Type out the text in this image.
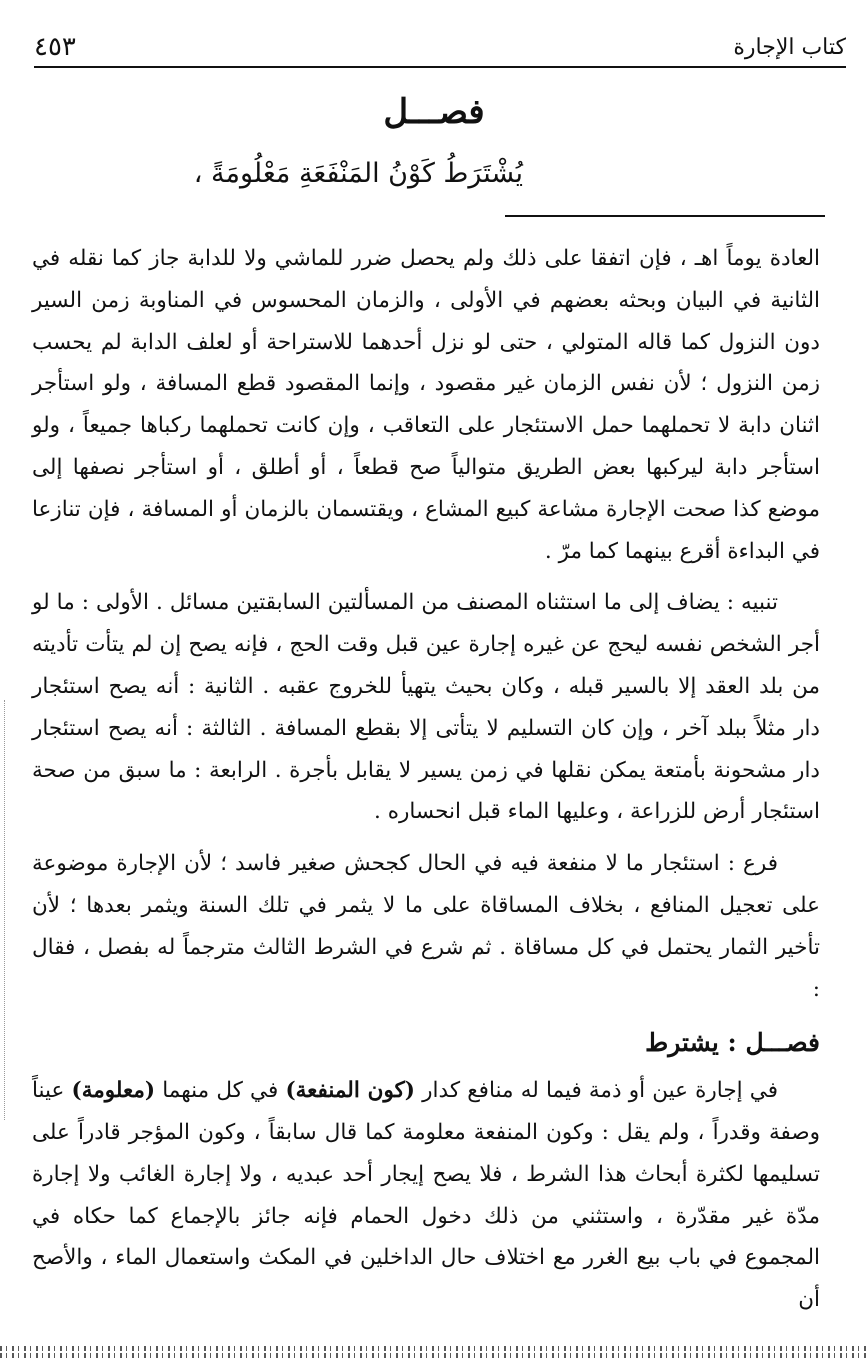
كتاب الإجارة
٤٥٣
فصـــل
يُشْتَرَطُ كَوْنُ المَنْفَعَةِ مَعْلُومَةً ،

العادة يوماً اهـ ، فإن اتفقا على ذلك ولم يحصل ضرر للماشي ولا للدابة جاز كما نقله في الثانية في البيان وبحثه بعضهم في الأولى ، والزمان المحسوس في المناوبة زمن السير دون النزول كما قاله المتولي ، حتى لو نزل أحدهما للاستراحة أو لعلف الدابة لم يحسب زمن النزول ؛ لأن نفس الزمان غير مقصود ، وإنما المقصود قطع المسافة ، ولو استأجر اثنان دابة لا تحملهما حمل الاستئجار على التعاقب ، وإن كانت تحملهما ركباها جميعاً ، ولو استأجر دابة ليركبها بعض الطريق متوالياً صح قطعاً ، أو أطلق ، أو استأجر نصفها إلى موضع كذا صحت الإجارة مشاعة كبيع المشاع ، ويقتسمان بالزمان أو المسافة ، فإن تنازعا في البداءة أقرع بينهما كما مرّ .

تنبيه : يضاف إلى ما استثناه المصنف من المسألتين السابقتين مسائل . الأولى : ما لو أجر الشخص نفسه ليحج عن غيره إجارة عين قبل وقت الحج ، فإنه يصح إن لم يتأت تأديته من بلد العقد إلا بالسير قبله ، وكان بحيث يتهيأ للخروج عقبه . الثانية : أنه يصح استئجار دار مثلاً ببلد آخر ، وإن كان التسليم لا يتأتى إلا بقطع المسافة . الثالثة : أنه يصح استئجار دار مشحونة بأمتعة يمكن نقلها في زمن يسير لا يقابل بأجرة . الرابعة : ما سبق من صحة استئجار أرض للزراعة ، وعليها الماء قبل انحساره .

فرع : استئجار ما لا منفعة فيه في الحال كجحش صغير فاسد ؛ لأن الإجارة موضوعة على تعجيل المنافع ، بخلاف المساقاة على ما لا يثمر في تلك السنة ويثمر بعدها ؛ لأن تأخير الثمار يحتمل في كل مساقاة . ثم شرع في الشرط الثالث مترجماً له بفصل ، فقال :

فصـــل : يشترط

في إجارة عين أو ذمة فيما له منافع كدار (كون المنفعة) في كل منهما (معلومة) عيناً وصفة وقدراً ، ولم يقل : وكون المنفعة معلومة كما قال سابقاً ، وكون المؤجر قادراً على تسليمها لكثرة أبحاث هذا الشرط ، فلا يصح إيجار أحد عبديه ، ولا إجارة الغائب ولا إجارة مدّة غير مقدّرة ، واستثني من ذلك دخول الحمام فإنه جائز بالإجماع كما حكاه في المجموع في باب بيع الغرر مع اختلاف حال الداخلين في المكث واستعمال الماء ، والأصح أن
